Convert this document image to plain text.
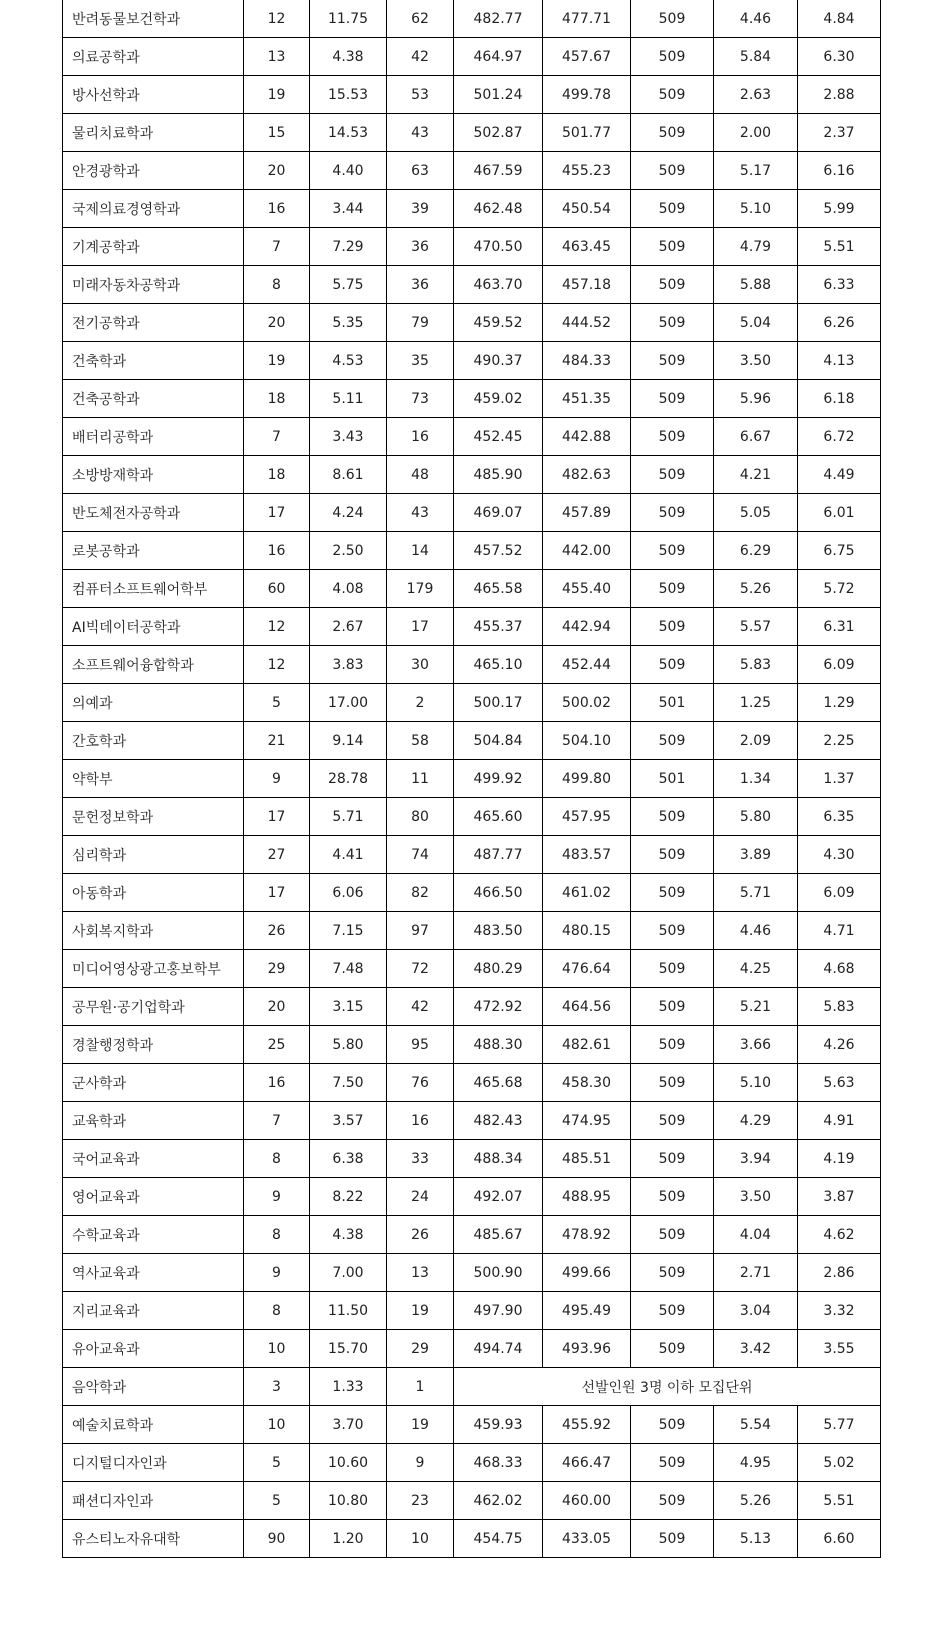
반려동물보건학과	12	11.75	62	482.77	477.71	509	4.46	4.84
의료공학과	13	4.38	42	464.97	457.67	509	5.84	6.30
방사선학과	19	15.53	53	501.24	499.78	509	2.63	2.88
물리치료학과	15	14.53	43	502.87	501.77	509	2.00	2.37
안경광학과	20	4.40	63	467.59	455.23	509	5.17	6.16
국제의료경영학과	16	3.44	39	462.48	450.54	509	5.10	5.99
기계공학과	7	7.29	36	470.50	463.45	509	4.79	5.51
미래자동차공학과	8	5.75	36	463.70	457.18	509	5.88	6.33
전기공학과	20	5.35	79	459.52	444.52	509	5.04	6.26
건축학과	19	4.53	35	490.37	484.33	509	3.50	4.13
건축공학과	18	5.11	73	459.02	451.35	509	5.96	6.18
배터리공학과	7	3.43	16	452.45	442.88	509	6.67	6.72
소방방재학과	18	8.61	48	485.90	482.63	509	4.21	4.49
반도체전자공학과	17	4.24	43	469.07	457.89	509	5.05	6.01
로봇공학과	16	2.50	14	457.52	442.00	509	6.29	6.75
컴퓨터소프트웨어학부	60	4.08	179	465.58	455.40	509	5.26	5.72
AI빅데이터공학과	12	2.67	17	455.37	442.94	509	5.57	6.31
소프트웨어융합학과	12	3.83	30	465.10	452.44	509	5.83	6.09
의예과	5	17.00	2	500.17	500.02	501	1.25	1.29
간호학과	21	9.14	58	504.84	504.10	509	2.09	2.25
약학부	9	28.78	11	499.92	499.80	501	1.34	1.37
문헌정보학과	17	5.71	80	465.60	457.95	509	5.80	6.35
심리학과	27	4.41	74	487.77	483.57	509	3.89	4.30
아동학과	17	6.06	82	466.50	461.02	509	5.71	6.09
사회복지학과	26	7.15	97	483.50	480.15	509	4.46	4.71
미디어영상광고홍보학부	29	7.48	72	480.29	476.64	509	4.25	4.68
공무원·공기업학과	20	3.15	42	472.92	464.56	509	5.21	5.83
경찰행정학과	25	5.80	95	488.30	482.61	509	3.66	4.26
군사학과	16	7.50	76	465.68	458.30	509	5.10	5.63
교육학과	7	3.57	16	482.43	474.95	509	4.29	4.91
국어교육과	8	6.38	33	488.34	485.51	509	3.94	4.19
영어교육과	9	8.22	24	492.07	488.95	509	3.50	3.87
수학교육과	8	4.38	26	485.67	478.92	509	4.04	4.62
역사교육과	9	7.00	13	500.90	499.66	509	2.71	2.86
지리교육과	8	11.50	19	497.90	495.49	509	3.04	3.32
유아교육과	10	15.70	29	494.74	493.96	509	3.42	3.55
음악학과	3	1.33	1	선발인원 3명 이하 모집단위				
예술치료학과	10	3.70	19	459.93	455.92	509	5.54	5.77
디지털디자인과	5	10.60	9	468.33	466.47	509	4.95	5.02
패션디자인과	5	10.80	23	462.02	460.00	509	5.26	5.51
유스티노자유대학	90	1.20	10	454.75	433.05	509	5.13	6.60
